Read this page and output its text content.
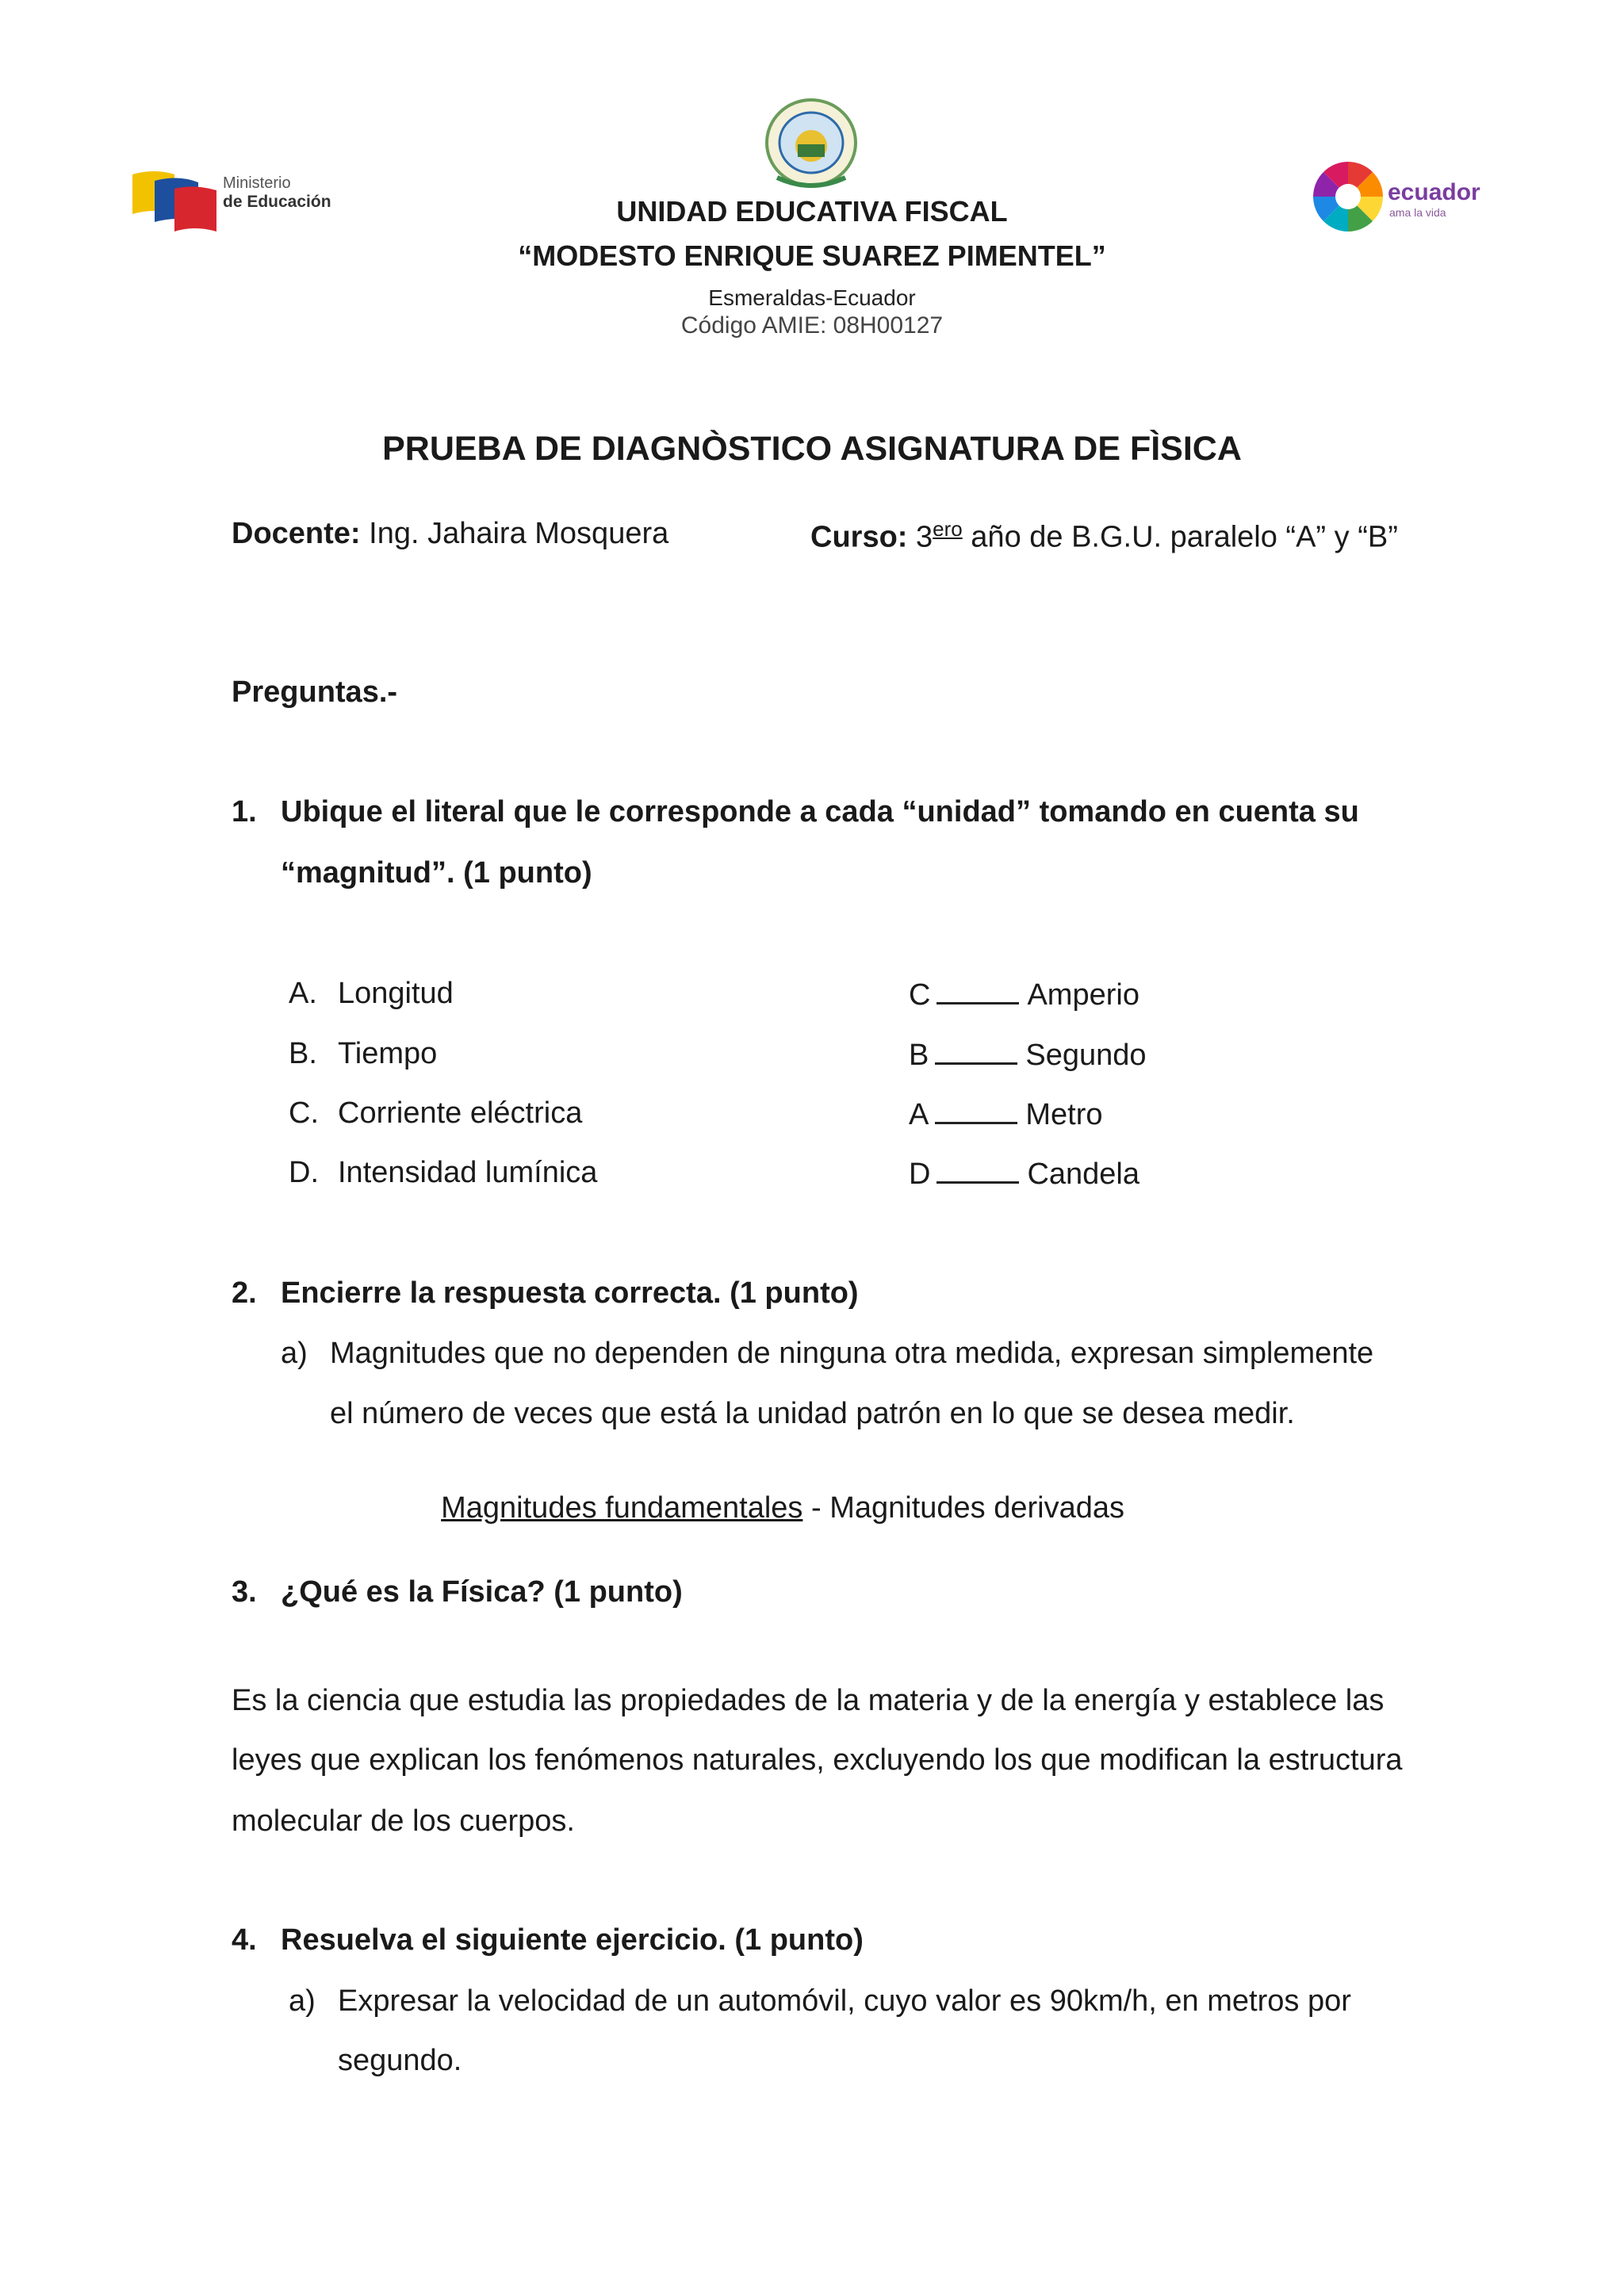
Ministerio
de Educación	ecuador
ama la vida
UNIDAD EDUCATIVA FISCAL
“MODESTO ENRIQUE SUAREZ PIMENTEL”
Esmeraldas-Ecuador
Código AMIE: 08H00127
PRUEBA DE DIAGNÒSTICO ASIGNATURA DE FÌSICA
Docente: Ing. Jahaira Mosquera	Curso: $3^{ero}$ año de B.G.U. paralelo “A” y “B”
Preguntas.-
1. Ubique el literal que le corresponde a cada “unidad” tomando en cuenta su
“magnitud”. (1 punto)
A. Longitud
B. Tiempo
C. Corriente eléctrica
D. Intensidad lumínica
C	Amperio
B	Segundo
A	Metro
D	Candela
2. Encierre la respuesta correcta. (1 punto)
a) Magnitudes que no dependen de ninguna otra medida, expresan simplemente
el número de veces que está la unidad patrón en lo que se desea medir.

Magnitudes fundamentales - Magnitudes derivadas

3. ¿Qué es la Física? (1 punto)
Es la ciencia que estudia las propiedades de la materia y de la energía y establece las
leyes que explican los fenómenos naturales, excluyendo los que modifican la estructura
molecular de los cuerpos.
4. Resuelva el siguiente ejercicio. (1 punto)
a) Expresar la velocidad de un automóvil, cuyo valor es 90km/h, en metros por
segundo.
